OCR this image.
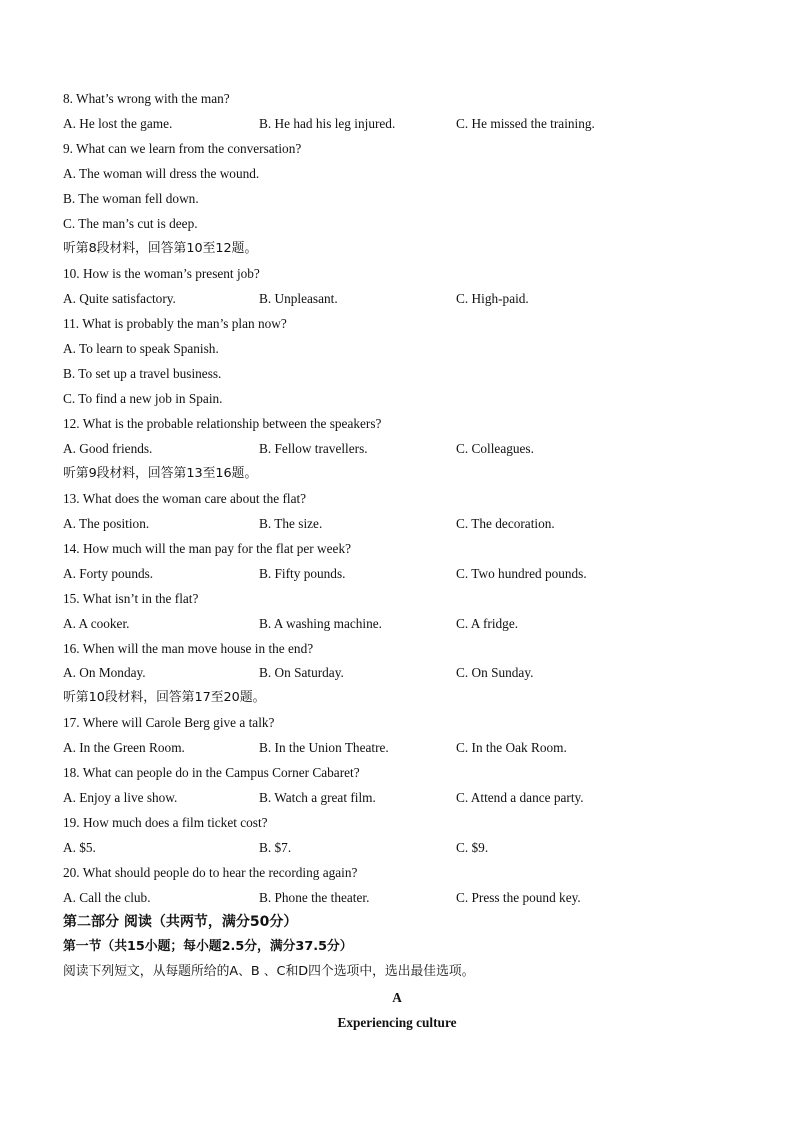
8. What’s wrong with the man?
A. He lost the game.	B. He had his leg injured.	C. He missed the training.
9. What can we learn from the conversation?
A. The woman will dress the wound.
B. The woman fell down.
C. The man’s cut is deep.
听第8段材料，回答第10至12题。
10. How is the woman’s present job?
A. Quite satisfactory.	B. Unpleasant.	C. High-paid.
11. What is probably the man’s plan now?
A. To learn to speak Spanish.
B. To set up a travel business.
C. To find a new job in Spain.
12. What is the probable relationship between the speakers?
A. Good friends.	B. Fellow travellers.	C. Colleagues.
听第9段材料，回答第13至16题。
13. What does the woman care about the flat?
A. The position.	B. The size.	C. The decoration.
14. How much will the man pay for the flat per week?
A. Forty pounds.	B. Fifty pounds.	C. Two hundred pounds.
15. What isn’t in the flat?
A. A cooker.	B. A washing machine.	C. A fridge.
16. When will the man move house in the end?
A. On Monday.	B. On Saturday.	C. On Sunday.
听第10段材料，回答第17至20题。
17. Where will Carole Berg give a talk?
A. In the Green Room.	B. In the Union Theatre.	C. In the Oak Room.
18. What can people do in the Campus Corner Cabaret?
A. Enjoy a live show.	B. Watch a great film.	C. Attend a dance party.
19. How much does a film ticket cost?
A. $5.	B. $7.	C. $9.
20. What should people do to hear the recording again?
A. Call the club.	B. Phone the theater.	C. Press the pound key.
第二部分 阅读（共两节，满分50分）
第一节（共15小题；每小题2.5分，满分37.5分）
阅读下列短文，从每题所给的A、B 、C和D四个选项中，选出最佳选项。
A
Experiencing culture
